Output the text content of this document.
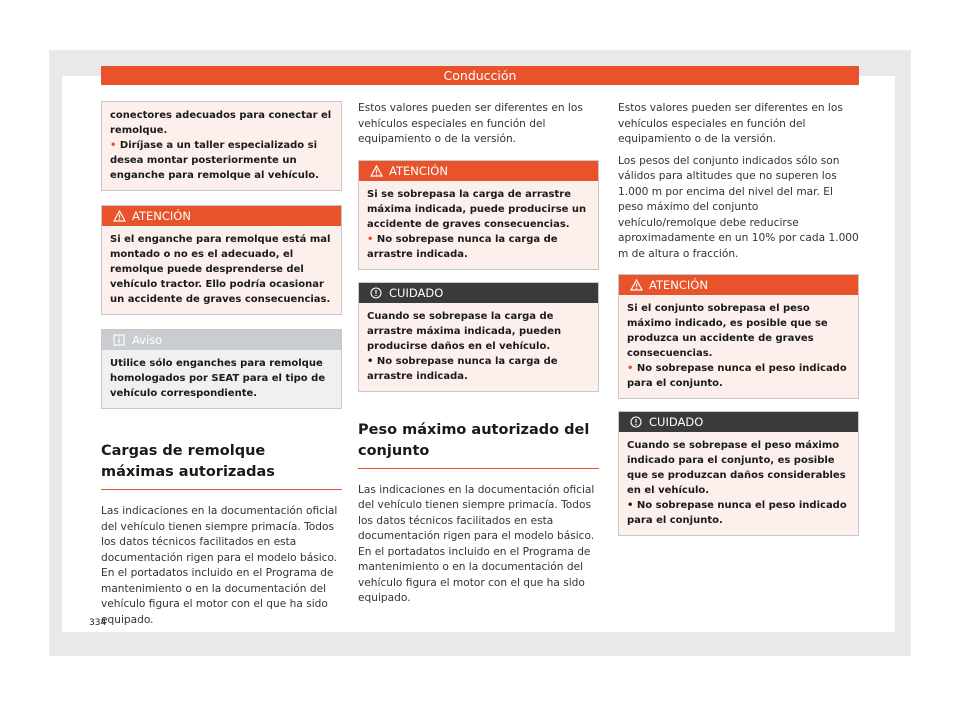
Conducción

conectores adecuados para conectar el remolque.

• Diríjase a un taller especializado si desea montar posteriormente un enganche para remolque al vehículo.

ATENCIÓN

Si el enganche para remolque está mal montado o no es el adecuado, el remolque puede desprenderse del vehículo tractor. Ello podría ocasionar un accidente de graves consecuencias.

Aviso

Utilice sólo enganches para remolque homologados por SEAT para el tipo de vehículo correspondiente.

Cargas de remolque máximas autorizadas

Las indicaciones en la documentación oficial del vehículo tienen siempre primacía. Todos los datos técnicos facilitados en esta documentación rigen para el modelo básico. En el portadatos incluido en el Programa de mantenimiento o en la documentación del vehículo figura el motor con el que ha sido equipado.

Estos valores pueden ser diferentes en los vehículos especiales en función del equipamiento o de la versión.

ATENCIÓN

Si se sobrepasa la carga de arrastre máxima indicada, puede producirse un accidente de graves consecuencias.

• No sobrepase nunca la carga de arrastre indicada.

CUIDADO

Cuando se sobrepase la carga de arrastre máxima indicada, pueden producirse daños en el vehículo.

• No sobrepase nunca la carga de arrastre indicada.

Peso máximo autorizado del conjunto

Las indicaciones en la documentación oficial del vehículo tienen siempre primacía. Todos los datos técnicos facilitados en esta documentación rigen para el modelo básico. En el portadatos incluido en el Programa de mantenimiento o en la documentación del vehículo figura el motor con el que ha sido equipado.

Estos valores pueden ser diferentes en los vehículos especiales en función del equipamiento o de la versión.

Los pesos del conjunto indicados sólo son válidos para altitudes que no superen los 1.000 m por encima del nivel del mar. El peso máximo del conjunto vehículo/remolque debe reducirse aproximadamente en un 10% por cada 1.000 m de altura o fracción.

ATENCIÓN

Si el conjunto sobrepasa el peso máximo indicado, es posible que se produzca un accidente de graves consecuencias.

• No sobrepase nunca el peso indicado para el conjunto.

CUIDADO

Cuando se sobrepase el peso máximo indicado para el conjunto, es posible que se produzcan daños considerables en el vehículo.

• No sobrepase nunca el peso indicado para el conjunto.

334
